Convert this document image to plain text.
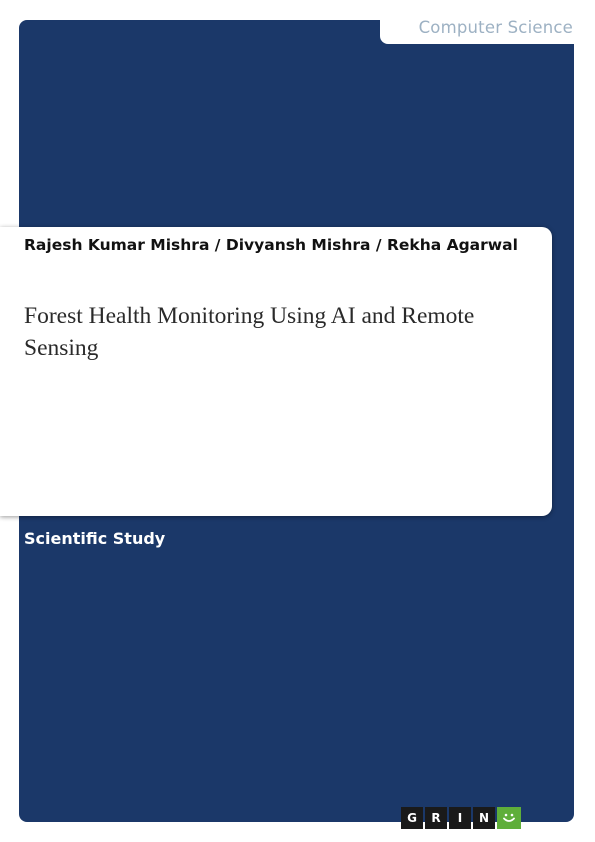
Computer Science
Rajesh Kumar Mishra / Divyansh Mishra / Rekha Agarwal
Forest Health Monitoring Using AI and Remote Sensing
Scientific Study
G	R	I	N
